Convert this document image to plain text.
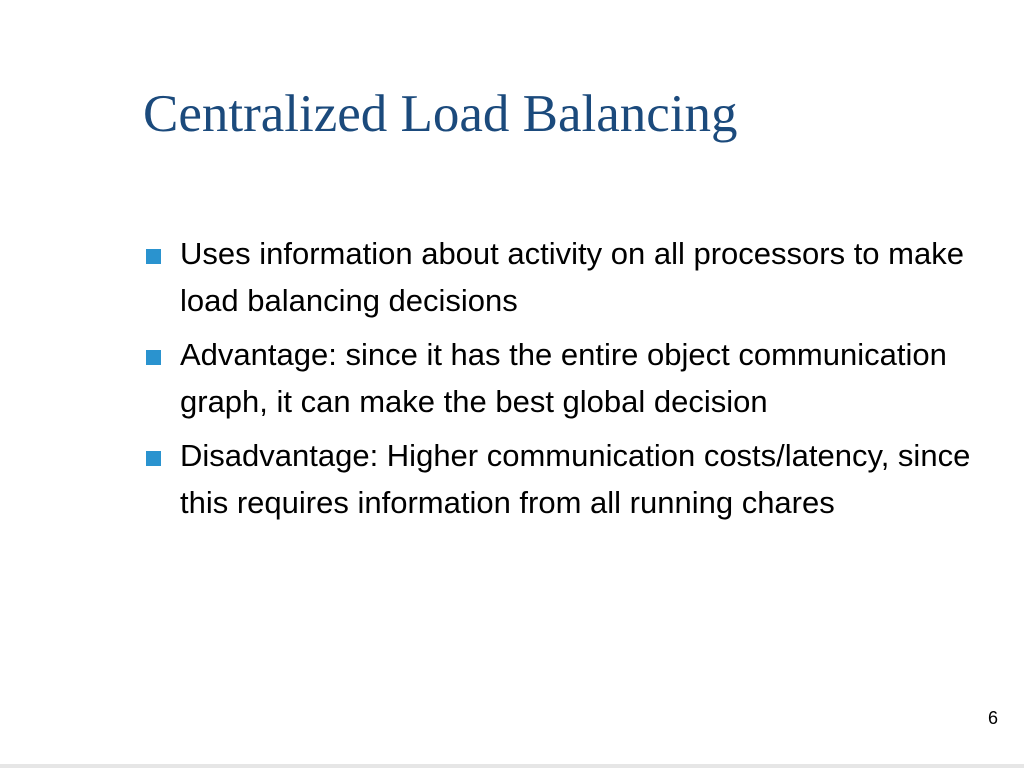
Centralized Load Balancing
Uses information about activity on all processors to make load balancing decisions
Advantage: since it has the entire object communication graph, it can make the best global decision
Disadvantage: Higher communication costs/latency, since this requires information from all running chares
6
